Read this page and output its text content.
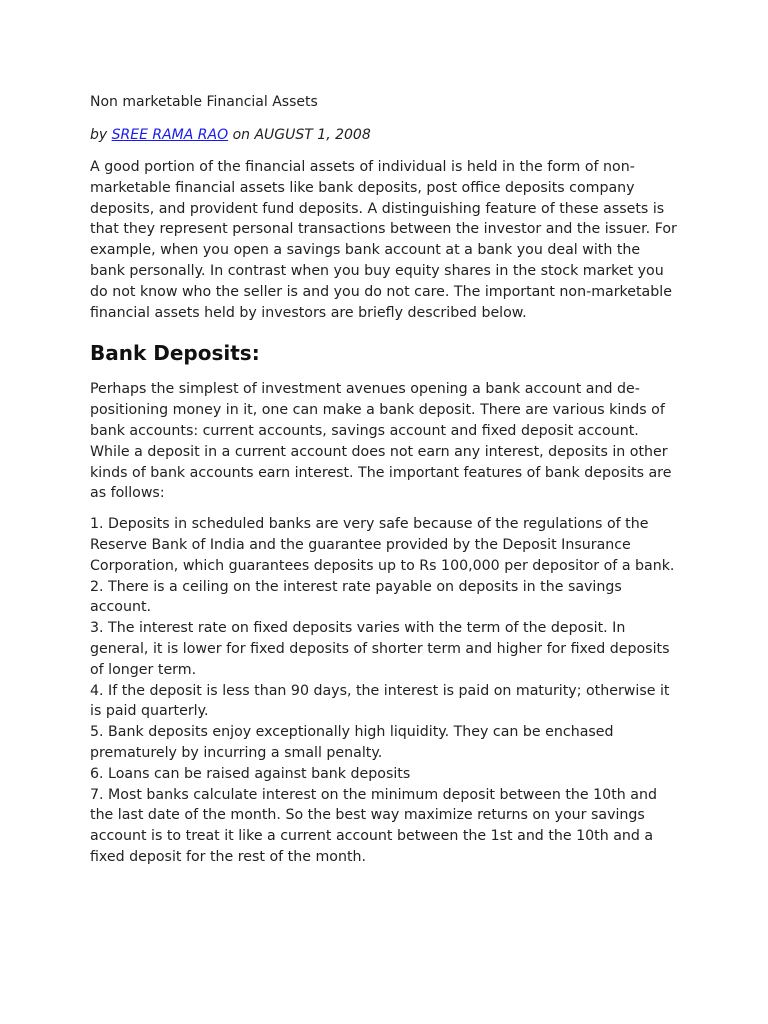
Non marketable Financial Assets
by SREE RAMA RAO on AUGUST 1, 2008

A good portion of the financial assets of individual is held in the form of non-marketable financial assets like bank deposits, post office deposits company deposits, and provident fund deposits. A distinguishing feature of these assets is that they represent personal transactions between the investor and the issuer. For example, when you open a savings bank account at a bank you deal with the bank personally. In contrast when you buy equity shares in the stock market you do not know who the seller is and you do not care. The important non-marketable financial assets held by investors are briefly described below.

Bank Deposits:

Perhaps the simplest of investment avenues opening a bank account and de-positioning money in it, one can make a bank deposit. There are various kinds of bank accounts: current accounts, savings account and fixed deposit account. While a deposit in a current account does not earn any interest, deposits in other kinds of bank accounts earn interest. The important features of bank deposits are as follows:

1. Deposits in scheduled banks are very safe because of the regulations of the Reserve Bank of India and the guarantee provided by the Deposit Insurance Corporation, which guarantees deposits up to Rs 100,000 per depositor of a bank.
2. There is a ceiling on the interest rate payable on deposits in the savings account.
3. The interest rate on fixed deposits varies with the term of the deposit. In general, it is lower for fixed deposits of shorter term and higher for fixed deposits of longer term.
4. If the deposit is less than 90 days, the interest is paid on maturity; otherwise it is paid quarterly.
5. Bank deposits enjoy exceptionally high liquidity. They can be enchased prematurely by incurring a small penalty.
6. Loans can be raised against bank deposits
7. Most banks calculate interest on the minimum deposit between the 10th and the last date of the month. So the best way maximize returns on your savings account is to treat it like a current account between the 1st and the 10th and a fixed deposit for the rest of the month.
